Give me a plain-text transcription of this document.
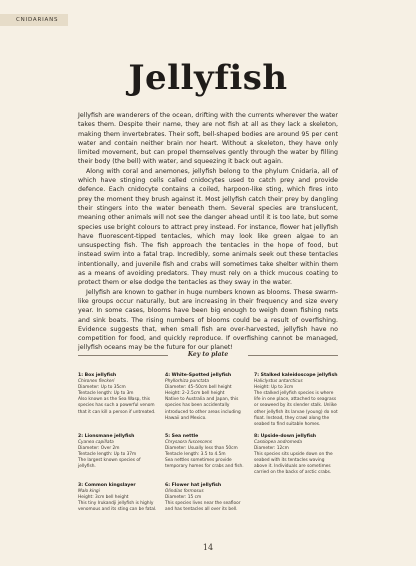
CNIDARIANS
Jellyfish

Jellyfish are wanderers of the ocean, drifting with the currents wherever the water takes them. Despite their name, they are not fish at all as they lack a skeleton, making them invertebrates. Their soft, bell-shaped bodies are around 95 per cent water and contain neither brain nor heart. Without a skeleton, they have only limited movement, but can propel themselves gently through the water by filling their body (the bell) with water, and squeezing it back out again.

Along with coral and anemones, jellyfish belong to the phylum Cnidaria, all of which have stinging cells called cnidocytes used to catch prey and provide defence. Each cnidocyte contains a coiled, harpoon-like sting, which fires into prey the moment they brush against it. Most jellyfish catch their prey by dangling their stingers into the water beneath them. Several species are translucent, meaning other animals will not see the danger ahead until it is too late, but some species use bright colours to attract prey instead. For instance, flower hat jellyfish have fluorescent-tipped tentacles, which may look like green algae to an unsuspecting fish. The fish approach the tentacles in the hope of food, but instead swim into a fatal trap. Incredibly, some animals seek out these tentacles intentionally, and juvenile fish and crabs will sometimes take shelter within them as a means of avoiding predators. They must rely on a thick mucous coating to protect them or else dodge the tentacles as they sway in the water.

Jellyfish are known to gather in huge numbers known as blooms. These swarm-like groups occur naturally, but are increasing in their frequency and size every year. In some cases, blooms have been big enough to weigh down fishing nets and sink boats. The rising numbers of blooms could be a result of overfishing. Evidence suggests that, when small fish are over-harvested, jellyfish have no competition for food, and quickly reproduce. If overfishing cannot be managed, jellyfish oceans may be the future for our planet!

Key to plate
1: Box jellyfish
Chironex fleckeri
Diameter: Up to 35cm
Tentacle length: Up to 3m
Also known as the Sea Wasp, this species has such a powerful venom that it can kill a person if untreated.
4: White-Spotted jellyfish
Phyllorhiza punctata
Diameter: 45–50cm bell height
Height: 2–2.5cm bell height
Native to Australia and Japan, this species has been accidentally introduced to other areas including Hawaii and Mexico.
7: Stalked kaleidoscope jellyfish
Haliclystus antarcticus
Height: Up to 3cm
The stalked jellyfish species is where life in one place, attached to seagrass or seaweed by its slender stalk. Unlike other jellyfish its larvae (young) do not float. Instead, they crawl along the seabed to find suitable homes.
2: Lionsmane jellyfish
Cyanea capillata
Diameter: Over 2m
Tentacle length: Up to 37m
The largest known species of jellyfish.
5: Sea nettle
Chrysaora fuscescens
Diameter: Usually less than 50cm
Tentacle length: 3.5 to 4.5m
Sea nettles sometimes provide temporary homes for crabs and fish.
8: Upside-down jellyfish
Cassiopea andromeda
Diameter: 12cm
This species sits upside down on the seabed with its tentacles waving above it. Individuals are sometimes carried on the backs of arctic crabs.
3: Common kingslayer
Malo kingi
Height: 3cm bell height
This tiny Irukandji jellyfish is highly venomous and its sting can be fatal.
6: Flower hat jellyfish
Olindias formosus
Diameter: 15 cm
This species lives near the seafloor and has tentacles all over its bell.
14
